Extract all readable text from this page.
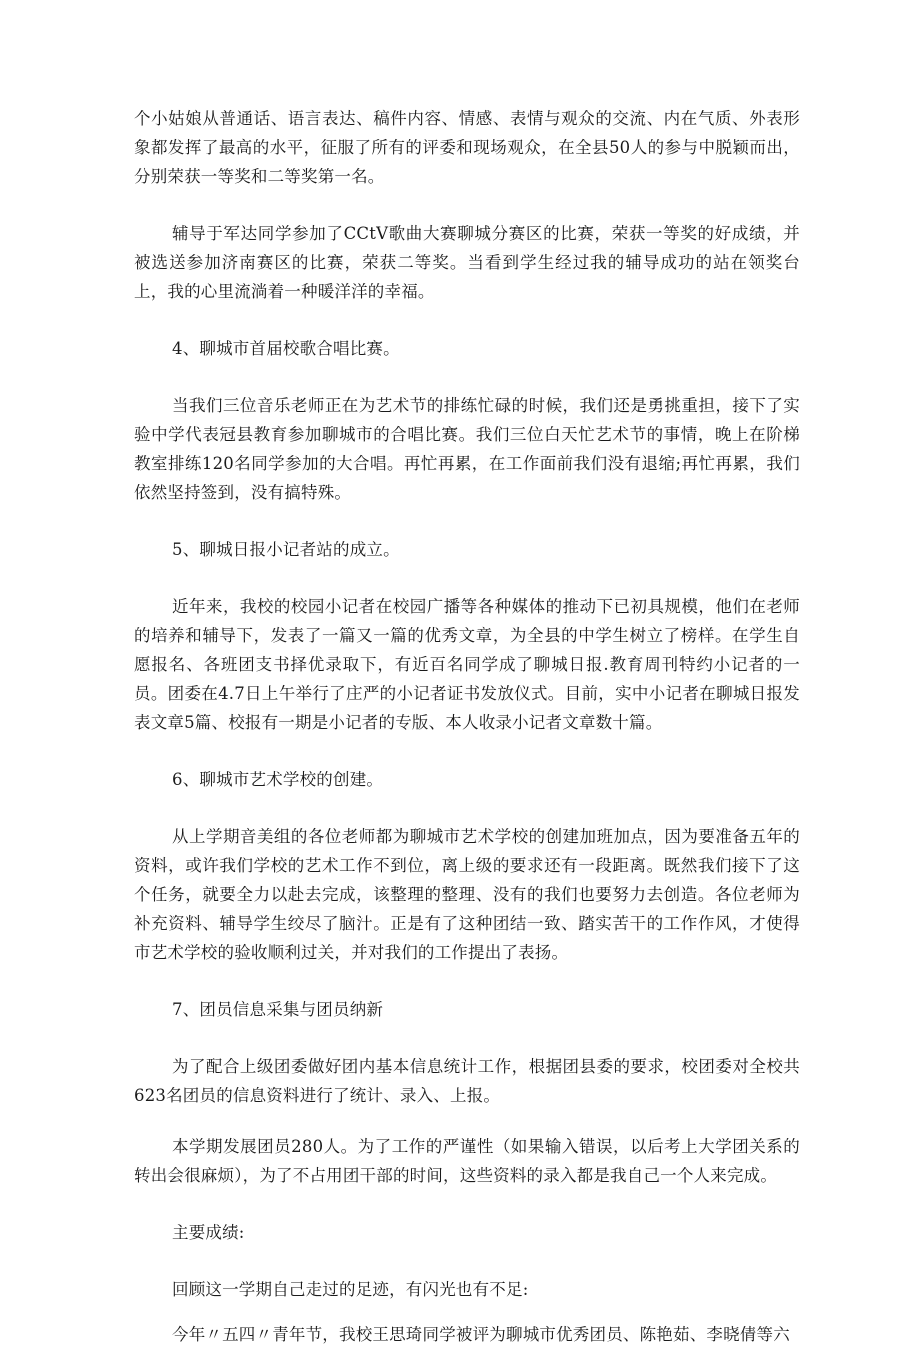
个小姑娘从普通话、语言表达、稿件内容、情感、表情与观众的交流、内在气质、外表形象都发挥了最高的水平，征服了所有的评委和现场观众，在全县50人的参与中脱颖而出，分别荣获一等奖和二等奖第一名。

辅导于军达同学参加了CCtV歌曲大赛聊城分赛区的比赛，荣获一等奖的好成绩，并被选送参加济南赛区的比赛，荣获二等奖。当看到学生经过我的辅导成功的站在领奖台上，我的心里流淌着一种暖洋洋的幸福。

4、聊城市首届校歌合唱比赛。

当我们三位音乐老师正在为艺术节的排练忙碌的时候，我们还是勇挑重担，接下了实验中学代表冠县教育参加聊城市的合唱比赛。我们三位白天忙艺术节的事情，晚上在阶梯教室排练120名同学参加的大合唱。再忙再累，在工作面前我们没有退缩;再忙再累，我们依然坚持签到，没有搞特殊。

5、聊城日报小记者站的成立。

近年来，我校的校园小记者在校园广播等各种媒体的推动下已初具规模，他们在老师的培养和辅导下，发表了一篇又一篇的优秀文章，为全县的中学生树立了榜样。在学生自愿报名、各班团支书择优录取下，有近百名同学成了聊城日报.教育周刊特约小记者的一员。团委在4.7日上午举行了庄严的小记者证书发放仪式。目前，实中小记者在聊城日报发表文章5篇、校报有一期是小记者的专版、本人收录小记者文章数十篇。

6、聊城市艺术学校的创建。

从上学期音美组的各位老师都为聊城市艺术学校的创建加班加点，因为要准备五年的资料，或许我们学校的艺术工作不到位，离上级的要求还有一段距离。既然我们接下了这个任务，就要全力以赴去完成，该整理的整理、没有的我们也要努力去创造。各位老师为补充资料、辅导学生绞尽了脑汁。正是有了这种团结一致、踏实苦干的工作作风，才使得市艺术学校的验收顺利过关，并对我们的工作提出了表扬。

7、团员信息采集与团员纳新

为了配合上级团委做好团内基本信息统计工作，根据团县委的要求，校团委对全校共623名团员的信息资料进行了统计、录入、上报。

本学期发展团员280人。为了工作的严谨性（如果输入错误，以后考上大学团关系的转出会很麻烦），为了不占用团干部的时间，这些资料的录入都是我自己一个人来完成。

主要成绩:

回顾这一学期自己走过的足迹，有闪光也有不足:

今年〃五四〃青年节，我校王思琦同学被评为聊城市优秀团员、陈艳茹、李晓倩等六
